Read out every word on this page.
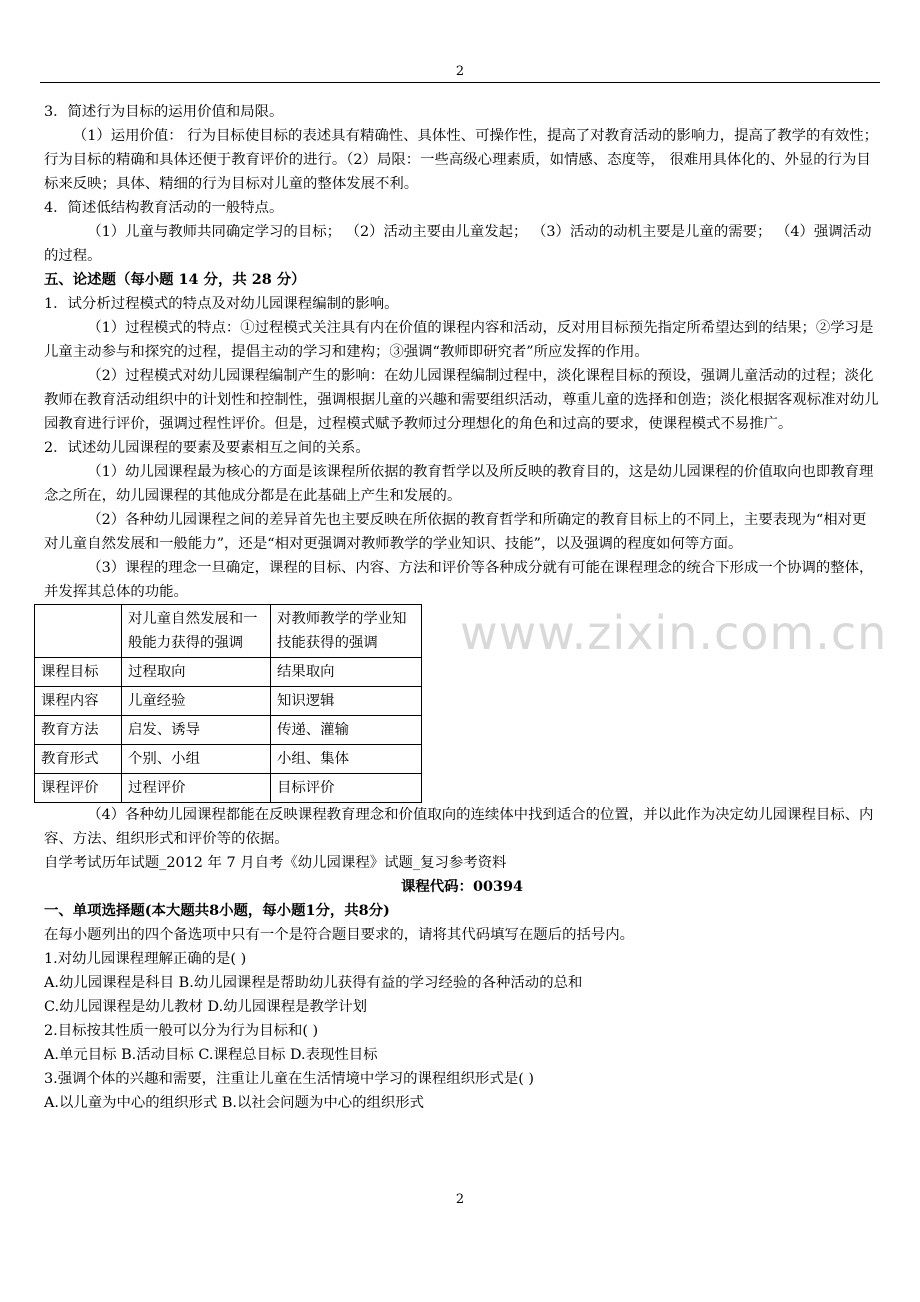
2
www.zixin.com.cn

3．简述行为目标的运用价值和局限。

（1）运用价值： 行为目标使目标的表述具有精确性、具体性、可操作性，提高了对教育活动的影响力，提高了教学的有效性；行为目标的精确和具体还便于教育评价的进行。（2）局限：一些高级心理素质，如情感、态度等， 很难用具体化的、外显的行为目标来反映；具体、精细的行为目标对儿童的整体发展不利。

4．简述低结构教育活动的一般特点。

（1）儿童与教师共同确定学习的目标； （2）活动主要由儿童发起； （3）活动的动机主要是儿童的需要； （4）强调活动的过程。

五、论述题（每小题 14 分，共 28 分）

1．试分析过程模式的特点及对幼儿园课程编制的影响。

（1）过程模式的特点：①过程模式关注具有内在价值的课程内容和活动，反对用目标预先指定所希望达到的结果；②学习是儿童主动参与和探究的过程，提倡主动的学习和建构；③强调“教师即研究者”所应发挥的作用。

（2）过程模式对幼儿园课程编制产生的影响：在幼儿园课程编制过程中，淡化课程目标的预设，强调儿童活动的过程；淡化教师在教育活动组织中的计划性和控制性，强调根据儿童的兴趣和需要组织活动，尊重儿童的选择和创造；淡化根据客观标准对幼儿园教育进行评价，强调过程性评价。但是，过程模式赋予教师过分理想化的角色和过高的要求，使课程模式不易推广。

2．试述幼儿园课程的要素及要素相互之间的关系。

（1）幼儿园课程最为核心的方面是该课程所依据的教育哲学以及所反映的教育目的，这是幼儿园课程的价值取向也即教育理念之所在，幼儿园课程的其他成分都是在此基础上产生和发展的。

（2）各种幼儿园课程之间的差异首先也主要反映在所依据的教育哲学和所确定的教育目标上的不同上，主要表现为“相对更对儿童自然发展和一般能力”，还是“相对更强调对教师教学的学业知识、技能”，以及强调的程度如何等方面。

（3）课程的理念一旦确定，课程的目标、内容、方法和评价等各种成分就有可能在课程理念的统合下形成一个协调的整体，并发挥其总体的功能。

	对儿童自然发展和一般能力获得的强调	对教师教学的学业知技能获得的强调
课程目标	过程取向	结果取向
课程内容	儿童经验	知识逻辑
教育方法	启发、诱导	传递、灌输
教育形式	个别、小组	小组、集体
课程评价	过程评价	目标评价

（4）各种幼儿园课程都能在反映课程教育理念和价值取向的连续体中找到适合的位置，并以此作为决定幼儿园课程目标、内容、方法、组织形式和评价等的依据。

自学考试历年试题_2012 年 7 月自考《幼儿园课程》试题_复习参考资料

课程代码：00394

一、单项选择题(本大题共8小题，每小题1分，共8分)

在每小题列出的四个备选项中只有一个是符合题目要求的，请将其代码填写在题后的括号内。

1.对幼儿园课程理解正确的是( )

A.幼儿园课程是科目 B.幼儿园课程是帮助幼儿获得有益的学习经验的各种活动的总和

C.幼儿园课程是幼儿教材 D.幼儿园课程是教学计划

2.目标按其性质一般可以分为行为目标和( )

A.单元目标 B.活动目标 C.课程总目标 D.表现性目标

3.强调个体的兴趣和需要，注重让儿童在生活情境中学习的课程组织形式是( )

A.以儿童为中心的组织形式 B.以社会问题为中心的组织形式

2
